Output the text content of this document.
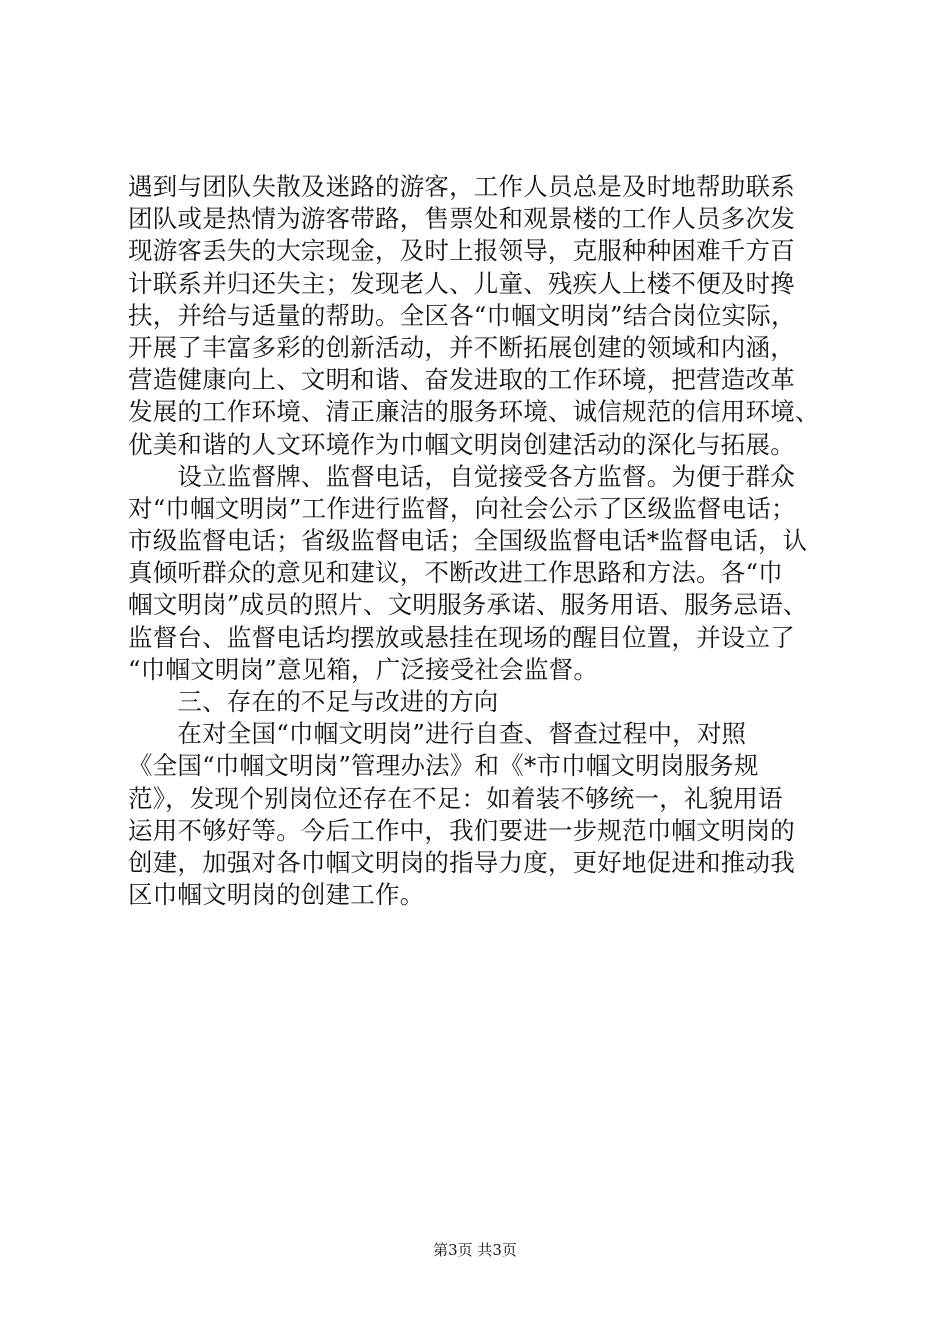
遇到与团队失散及迷路的游客，工作人员总是及时地帮助联系
团队或是热情为游客带路，售票处和观景楼的工作人员多次发
现游客丢失的大宗现金，及时上报领导，克服种种困难千方百
计联系并归还失主；发现老人、儿童、残疾人上楼不便及时搀
扶，并给与适量的帮助。全区各“巾帼文明岗”结合岗位实际，
开展了丰富多彩的创新活动，并不断拓展创建的领域和内涵，
营造健康向上、文明和谐、奋发进取的工作环境，把营造改革
发展的工作环境、清正廉洁的服务环境、诚信规范的信用环境、
优美和谐的人文环境作为巾帼文明岗创建活动的深化与拓展。
　　设立监督牌、监督电话，自觉接受各方监督。为便于群众
对“巾帼文明岗”工作进行监督，向社会公示了区级监督电话；
市级监督电话；省级监督电话；全国级监督电话*监督电话，认
真倾听群众的意见和建议，不断改进工作思路和方法。各“巾
帼文明岗”成员的照片、文明服务承诺、服务用语、服务忌语、
监督台、监督电话均摆放或悬挂在现场的醒目位置，并设立了
“巾帼文明岗”意见箱，广泛接受社会监督。
　　三、存在的不足与改进的方向
　　在对全国“巾帼文明岗”进行自查、督查过程中，对照
《全国“巾帼文明岗”管理办法》和《*市巾帼文明岗服务规
范》，发现个别岗位还存在不足：如着装不够统一，礼貌用语
运用不够好等。今后工作中，我们要进一步规范巾帼文明岗的
创建，加强对各巾帼文明岗的指导力度，更好地促进和推动我
区巾帼文明岗的创建工作。
第3页 共3页
